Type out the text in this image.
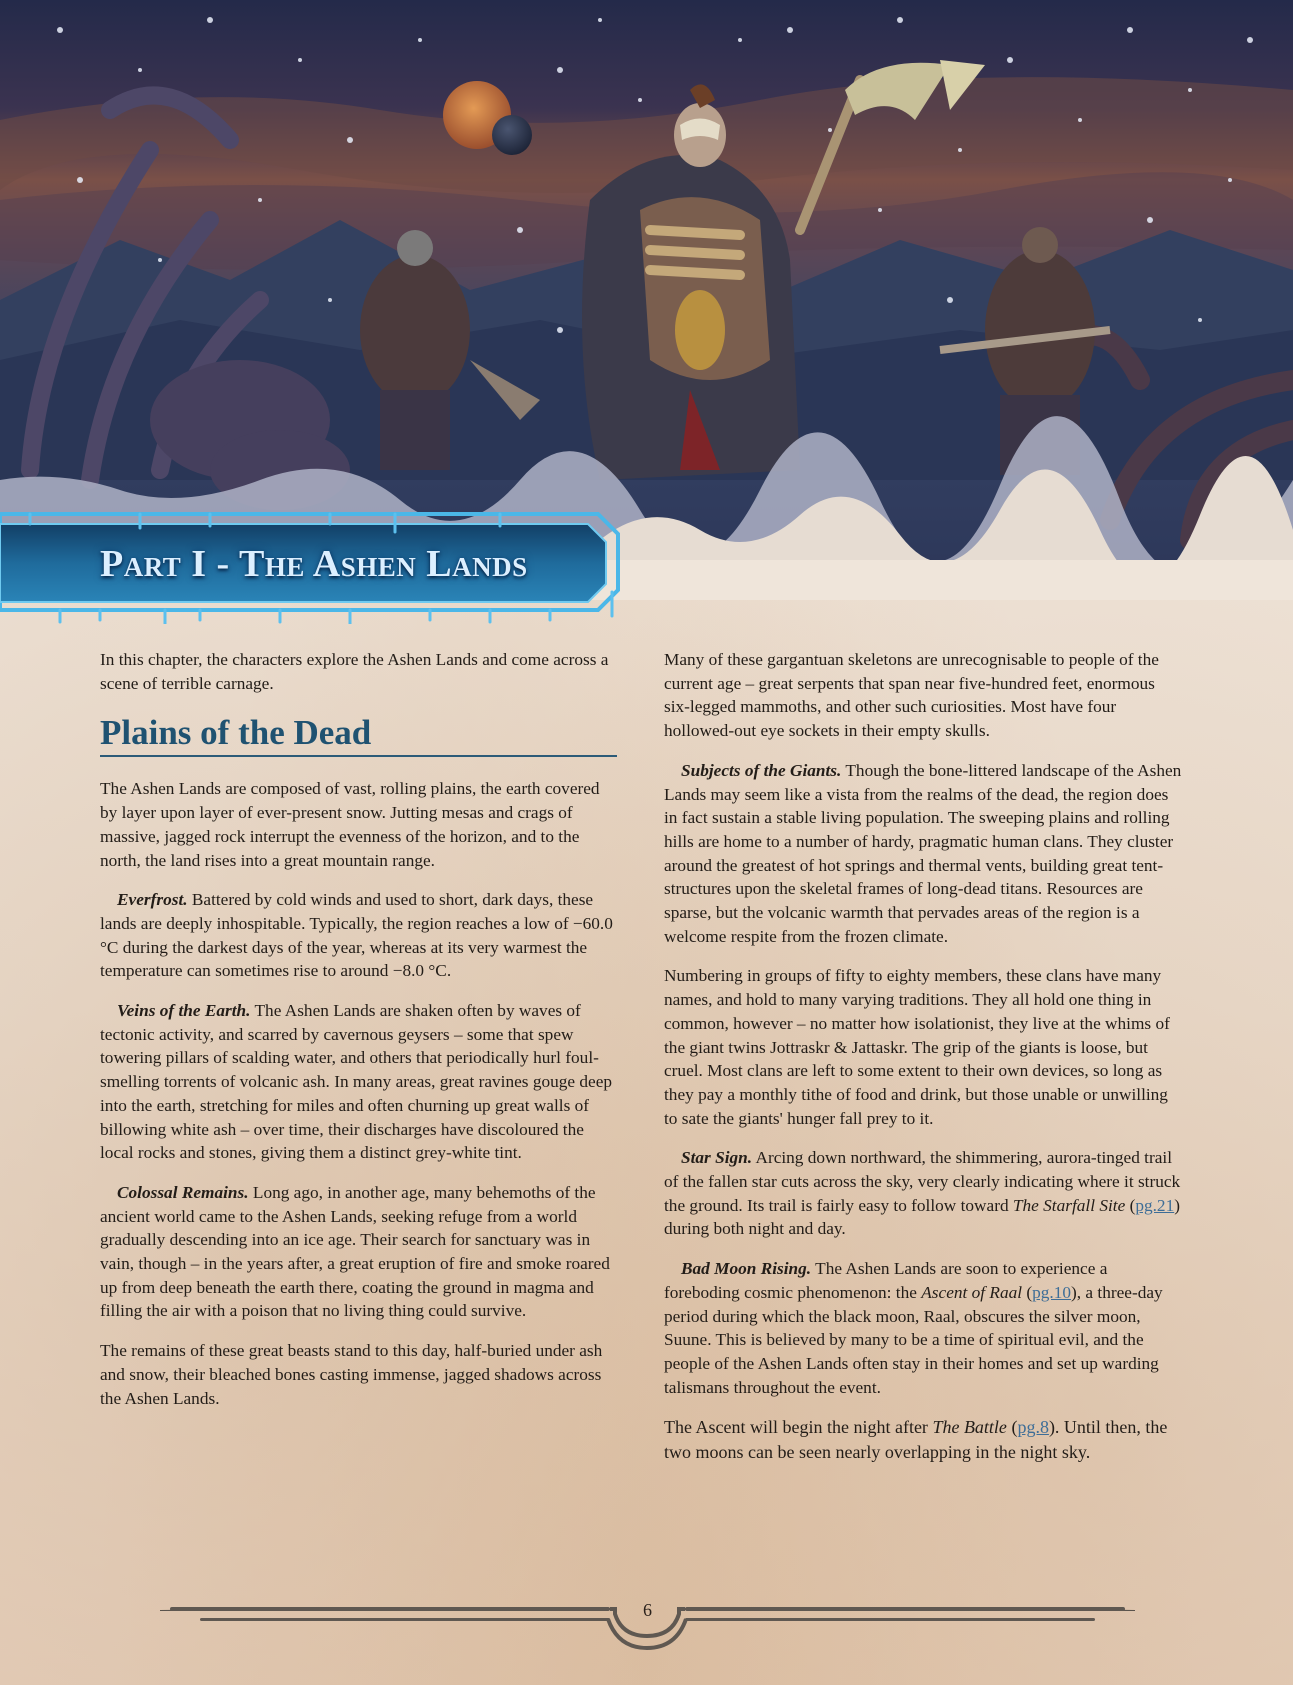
Part I - The Ashen Lands

In this chapter, the characters explore the Ashen Lands and come across a scene of terrible carnage.

Plains of the Dead

The Ashen Lands are composed of vast, rolling plains, the earth covered by layer upon layer of ever-present snow. Jutting mesas and crags of massive, jagged rock interrupt the evenness of the horizon, and to the north, the land rises into a great mountain range.

Everfrost. Battered by cold winds and used to short, dark days, these lands are deeply inhospitable. Typically, the region reaches a low of −60.0 °C during the darkest days of the year, whereas at its very warmest the temperature can sometimes rise to around −8.0 °C.

Veins of the Earth. The Ashen Lands are shaken often by waves of tectonic activity, and scarred by cavernous geysers – some that spew towering pillars of scalding water, and others that periodically hurl foul-smelling torrents of volcanic ash. In many areas, great ravines gouge deep into the earth, stretching for miles and often churning up great walls of billowing white ash – over time, their discharges have discoloured the local rocks and stones, giving them a distinct grey-white tint.

Colossal Remains. Long ago, in another age, many behemoths of the ancient world came to the Ashen Lands, seeking refuge from a world gradually descending into an ice age. Their search for sanctuary was in vain, though – in the years after, a great eruption of fire and smoke roared up from deep beneath the earth there, coating the ground in magma and filling the air with a poison that no living thing could survive.

The remains of these great beasts stand to this day, half-buried under ash and snow, their bleached bones casting immense, jagged shadows across the Ashen Lands.

Many of these gargantuan skeletons are unrecognisable to people of the current age – great serpents that span near five-hundred feet, enormous six-legged mammoths, and other such curiosities. Most have four hollowed-out eye sockets in their empty skulls.

Subjects of the Giants. Though the bone-littered landscape of the Ashen Lands may seem like a vista from the realms of the dead, the region does in fact sustain a stable living population. The sweeping plains and rolling hills are home to a number of hardy, pragmatic human clans. They cluster around the greatest of hot springs and thermal vents, building great tent-structures upon the skeletal frames of long-dead titans. Resources are sparse, but the volcanic warmth that pervades areas of the region is a welcome respite from the frozen climate.

Numbering in groups of fifty to eighty members, these clans have many names, and hold to many varying traditions. They all hold one thing in common, however – no matter how isolationist, they live at the whims of the giant twins Jottraskr & Jattaskr. The grip of the giants is loose, but cruel. Most clans are left to some extent to their own devices, so long as they pay a monthly tithe of food and drink, but those unable or unwilling to sate the giants' hunger fall prey to it.

Star Sign. Arcing down northward, the shimmering, aurora-tinged trail of the fallen star cuts across the sky, very clearly indicating where it struck the ground. Its trail is fairly easy to follow toward The Starfall Site (pg.21) during both night and day.

Bad Moon Rising. The Ashen Lands are soon to experience a foreboding cosmic phenomenon: the Ascent of Raal (pg.10), a three-day period during which the black moon, Raal, obscures the silver moon, Suune. This is believed by many to be a time of spiritual evil, and the people of the Ashen Lands often stay in their homes and set up warding talismans throughout the event.

The Ascent will begin the night after The Battle (pg.8). Until then, the two moons can be seen nearly overlapping in the night sky.

6
